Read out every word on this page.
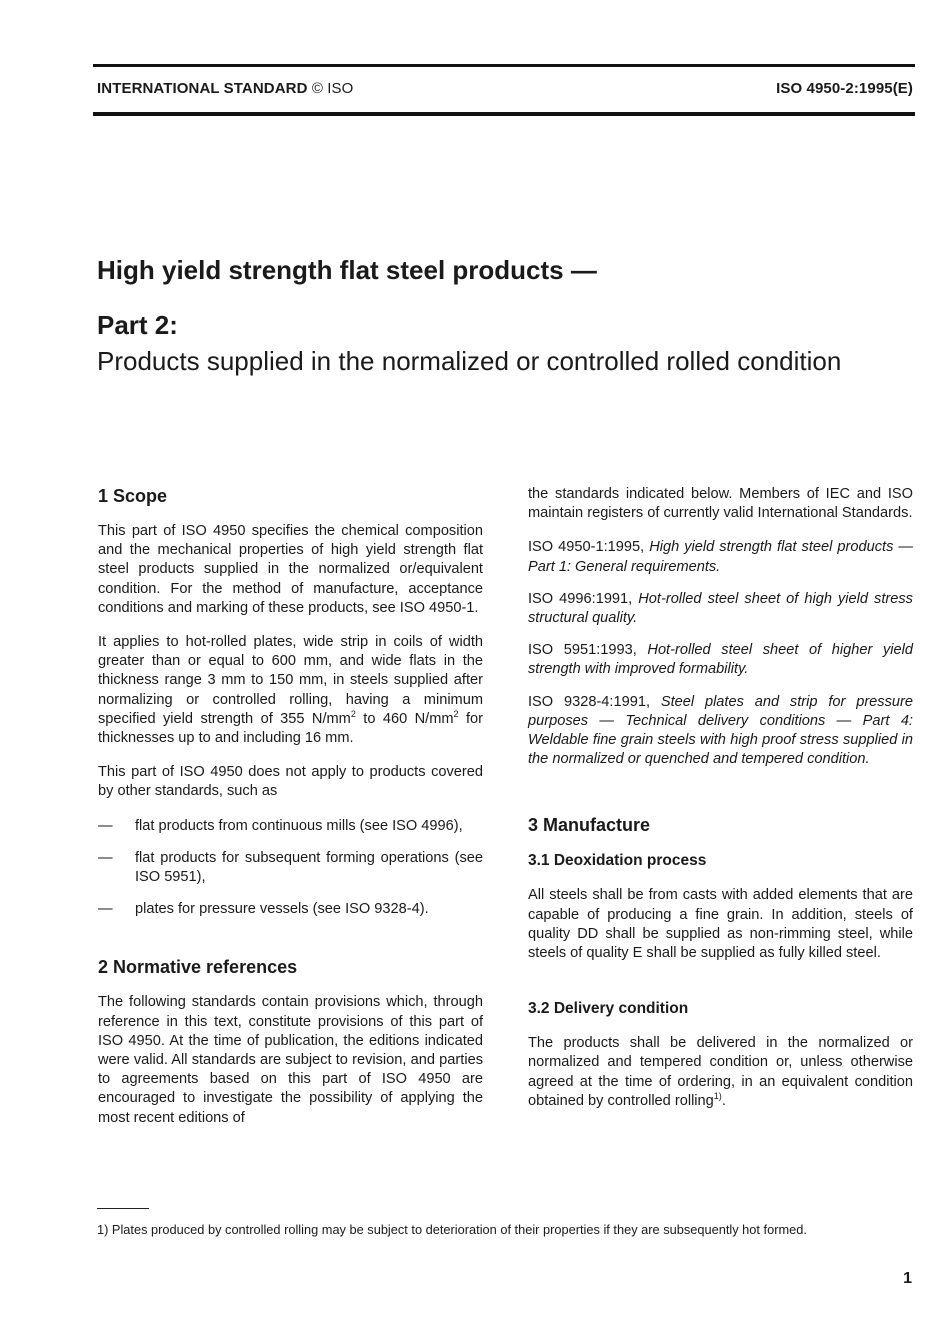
INTERNATIONAL STANDARD © ISO	ISO 4950-2:1995(E)
High yield strength flat steel products —
Part 2:
Products supplied in the normalized or controlled rolled condition
1 Scope

This part of ISO 4950 specifies the chemical composition and the mechanical properties of high yield strength flat steel products supplied in the normalized or/equivalent condition. For the method of manufacture, acceptance conditions and marking of these products, see ISO 4950-1.

It applies to hot-rolled plates, wide strip in coils of width greater than or equal to 600 mm, and wide flats in the thickness range 3 mm to 150 mm, in steels supplied after normalizing or controlled rolling, having a minimum specified yield strength of 355 $N/mm^2$ to 460 $N/mm^2$ for thicknesses up to and including 16 mm.

This part of ISO 4950 does not apply to products covered by other standards, such as

— flat products from continuous mills (see ISO 4996),
— flat products for subsequent forming operations (see ISO 5951),
— plates for pressure vessels (see ISO 9328-4).
2 Normative references

The following standards contain provisions which, through reference in this text, constitute provisions of this part of ISO 4950. At the time of publication, the editions indicated were valid. All standards are subject to revision, and parties to agreements based on this part of ISO 4950 are encouraged to investigate the possibility of applying the most recent editions of

the standards indicated below. Members of IEC and ISO maintain registers of currently valid International Standards.

ISO 4950-1:1995, High yield strength flat steel products — Part 1: General requirements.

ISO 4996:1991, Hot-rolled steel sheet of high yield stress structural quality.

ISO 5951:1993, Hot-rolled steel sheet of higher yield strength with improved formability.

ISO 9328-4:1991, Steel plates and strip for pressure purposes — Technical delivery conditions — Part 4: Weldable fine grain steels with high proof stress supplied in the normalized or quenched and tempered condition.

3 Manufacture
3.1 Deoxidation process

All steels shall be from casts with added elements that are capable of producing a fine grain. In addition, steels of quality DD shall be supplied as non-rimming steel, while steels of quality E shall be supplied as fully killed steel.

3.2 Delivery condition

The products shall be delivered in the normalized or normalized and tempered condition or, unless otherwise agreed at the time of ordering, in an equivalent condition obtained by controlled rolling$^{1)}$.

1) Plates produced by controlled rolling may be subject to deterioration of their properties if they are subsequently hot formed.
1
